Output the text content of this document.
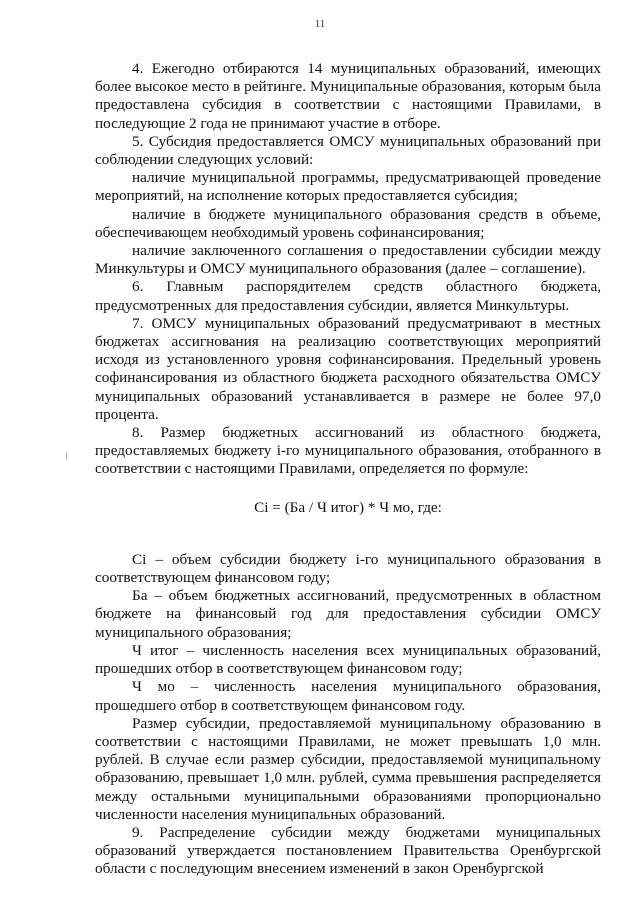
11

4. Ежегодно отбираются 14 муниципальных образований, имеющих более высокое место в рейтинге. Муниципальные образования, которым была предоставлена субсидия в соответствии с настоящими Правилами, в последующие 2 года не принимают участие в отборе.

5. Субсидия предоставляется ОМСУ муниципальных образований при соблюдении следующих условий:

наличие муниципальной программы, предусматривающей проведение мероприятий, на исполнение которых предоставляется субсидия;

наличие в бюджете муниципального образования средств в объеме, обеспечивающем необходимый уровень софинансирования;

наличие заключенного соглашения о предоставлении субсидии между Минкультуры и ОМСУ муниципального образования (далее – соглашение).

6. Главным распорядителем средств областного бюджета, предусмотренных для предоставления субсидии, является Минкультуры.

7. ОМСУ муниципальных образований предусматривают в местных бюджетах ассигнования на реализацию соответствующих мероприятий исходя из установленного уровня софинансирования. Предельный уровень софинансирования из областного бюджета расходного обязательства ОМСУ муниципальных образований устанавливается в размере не более 97,0 процента.

8. Размер бюджетных ассигнований из областного бюджета, предоставляемых бюджету i-го муниципального образования, отобранного в соответствии с настоящими Правилами, определяется по формуле:

Ci = (Ба / Ч итог) * Ч мо, где:

Ci – объем субсидии бюджету i-го муниципального образования в соответствующем финансовом году;

Ба – объем бюджетных ассигнований, предусмотренных в областном бюджете на финансовый год для предоставления субсидии ОМСУ муниципального образования;

Ч итог – численность населения всех муниципальных образований, прошедших отбор в соответствующем финансовом году;

Ч мо – численность населения муниципального образования, прошедшего отбор в соответствующем финансовом году.

Размер субсидии, предоставляемой муниципальному образованию в соответствии с настоящими Правилами, не может превышать 1,0 млн. рублей. В случае если размер субсидии, предоставляемой муниципальному образованию, превышает 1,0 млн. рублей, сумма превышения распределяется между остальными муниципальными образованиями пропорционально численности населения муниципальных образований.

9. Распределение субсидии между бюджетами муниципальных образований утверждается постановлением Правительства Оренбургской области с последующим внесением изменений в закон Оренбургской
